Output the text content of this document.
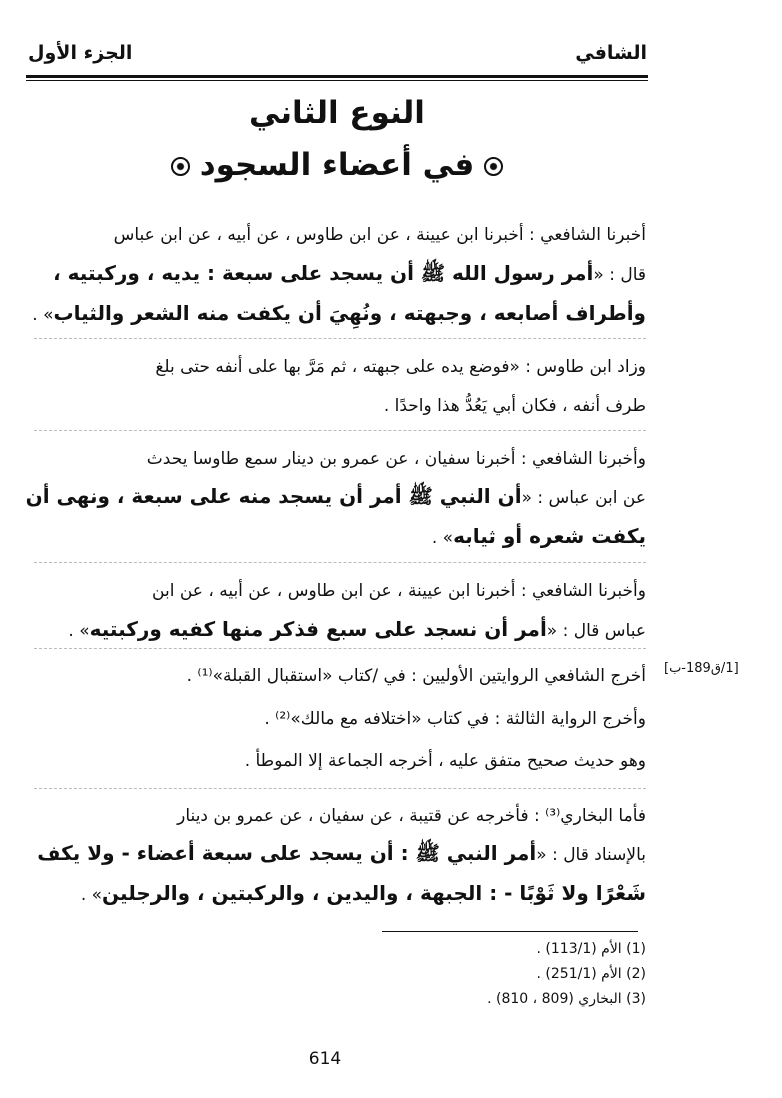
الشافي
الجزء الأول
النوع الثاني
في أعضاء السجود
أخبرنا الشافعي : أخبرنا ابن عيينة ، عن ابن طاوس ، عن أبيه ، عن ابن عباس
قال : «أمر رسول الله ﷺ أن يسجد على سبعة : يديه ، وركبتيه ،
وأطراف أصابعه ، وجبهته ، ونُهِيَ أن يكفت منه الشعر والثياب» .
وزاد ابن طاوس : «فوضع يده على جبهته ، ثم مَرَّ بها على أنفه حتى بلغ
طرف أنفه ، فكان أبي يَعُدُّ هذا واحدًا .
وأخبرنا الشافعي : أخبرنا سفيان ، عن عمرو بن دينار سمع طاوسا يحدث
عن ابن عباس : «أن النبي ﷺ أمر أن يسجد منه على سبعة ، ونهى أن
يكفت شعره أو ثيابه» .
وأخبرنا الشافعي : أخبرنا ابن عيينة ، عن ابن طاوس ، عن أبيه ، عن ابن
عباس قال : «أمر أن نسجد على سبع فذكر منها كفيه وركبتيه» .
أخرج الشافعي الروايتين الأوليين : في /كتاب «استقبال القبلة»⁽¹⁾ .
وأخرج الرواية الثالثة : في كتاب «اختلافه مع مالك»⁽²⁾ .
وهو حديث صحيح متفق عليه ، أخرجه الجماعة إلا الموطأ .
فأما البخاري⁽³⁾ : فأخرجه عن قتيبة ، عن سفيان ، عن عمرو بن دينار
بالإسناد قال : «أمر النبي ﷺ : أن يسجد على سبعة أعضاء - ولا يكف
شَعْرًا ولا ثَوْبًا - : الجبهة ، واليدين ، والركبتين ، والرجلين» .
[1/ق189-ب]
(1) الأم (113/1) .
(2) الأم (251/1) .
(3) البخاري (809 ، 810) .
614
